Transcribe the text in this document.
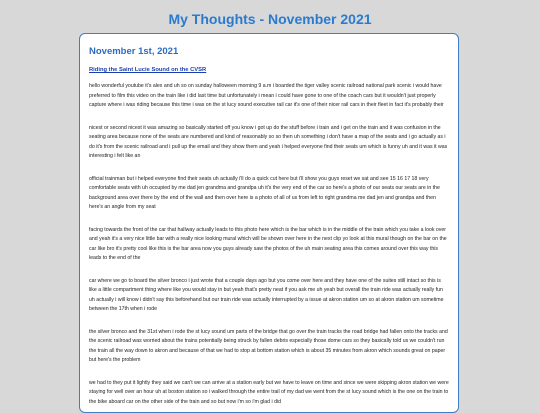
My Thoughts - November 2021
November 1st, 2021
Riding the Saint Lucie Sound on the CVSR

hello wonderful youtube it's alex and uh so on sunday halloween morning 9 a.m i boarded the tiger valley scenic railroad national park scenic i would have preferred to film this video on the train like i did last time but unfortunately i mean i could have gone to one of the coach cars but it wouldn't just properly capture where i was riding because this time i was on the st lucy sound executive rail car it's one of their nicer rail cars in their fleet in fact it's probably their

nicest or second nicest it was amazing so basically started off you know i got up do the stuff before i train and i get on the train and it was confusion in the seating area because none of the seats are numbered and kind of reasonably so so then uh something i don't have a map of the seats and i go actually as i do it's from the scenic railroad and i pull up the email and they show them and yeah i helped everyone find their seats um which is funny uh and it was it was interesting i felt like an

official trainman but i helped everyone find their seats uh actually i'll do a quick cut here but i'll show you guys reset we sat and see 15 16 17 18 very comfortable seats with uh occupied by me dad jen grandma and grandpa uh it's the very end of the car so here's a photo of our seats our seats are in the background area over there by the end of the wall and then over here is a photo of all of us from left to right grandma me dad jen and grandpa and then here's an angle from my seat

facing towards the front of the car that hallway actually leads to this photo here which is the bar which is in the middle of the train which you take a look over and yeah it's a very nice little bar with a really nice looking mural which will be shown over here in the next clip yo look at this mural though on the bar on the car like bro it's pretty cool like this is the bar area now you guys already saw the photos of the uh main seating area this comes around over this way this leads to the end of the

car where we go to board the silver bronco i just wrote that a couple days ago but you come over here and they have one of the suites still intact so this is like a little compartment thing where like you would stay in but yeah that's pretty neat if you ask me uh yeah but overall the train ride was actually really fun uh actually i will know i didn't say this beforehand but our train ride was actually interrupted by a issue at akron station um so at akron station um sometime between the 17th when i rode

the silver bronco and the 31st when i rode the st lucy sound um parts of the bridge that go over the train tracks the road bridge had fallen onto the tracks and the scenic railroad was worried about the trains potentially being struck by fallen debris especially those dome cars so they basically told us we couldn't run the train all the way down to akron and because of that we had to stop at bottom station which is about 35 minutes from akron which sounds great on paper but here's the problem

we had to they put it lightly they said we can't we can arrive at a station early but we have to leave on time and since we were skipping akron station we were staying for well over an hour uh at boston station so i walked through the entire trail of my dad we went from the st lucy sound which is the one on the train to the bike aboard car on the other side of the train and so but now i'm so i'm glad i did
